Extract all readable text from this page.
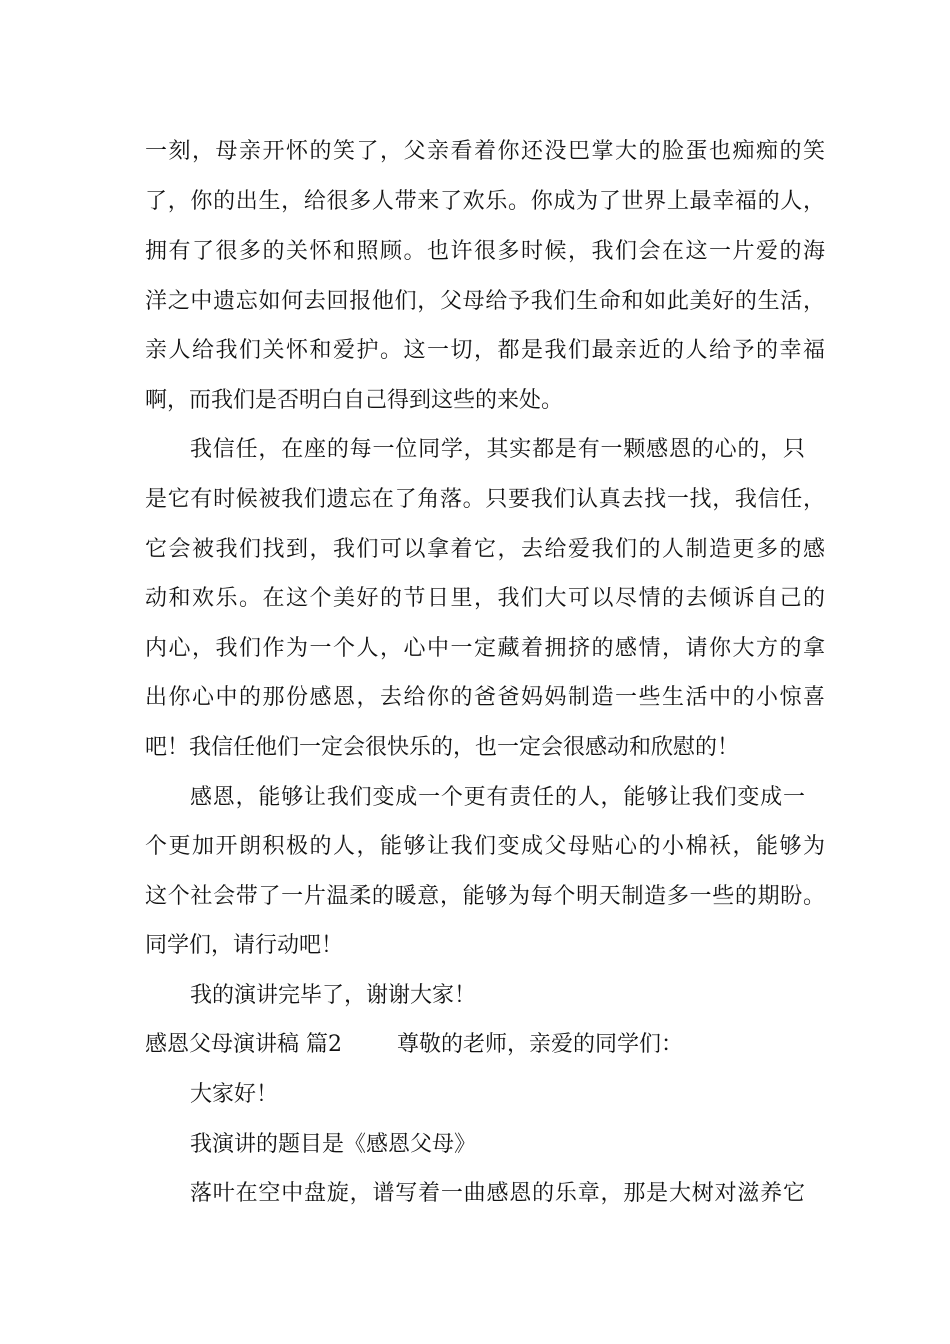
一刻，母亲开怀的笑了，父亲看着你还没巴掌大的脸蛋也痴痴的笑
了，你的出生，给很多人带来了欢乐。你成为了世界上最幸福的人，
拥有了很多的关怀和照顾。也许很多时候，我们会在这一片爱的海
洋之中遗忘如何去回报他们，父母给予我们生命和如此美好的生活，
亲人给我们关怀和爱护。这一切，都是我们最亲近的人给予的幸福
啊，而我们是否明白自己得到这些的来处。
我信任，在座的每一位同学，其实都是有一颗感恩的心的，只
是它有时候被我们遗忘在了角落。只要我们认真去找一找，我信任，
它会被我们找到，我们可以拿着它，去给爱我们的人制造更多的感
动和欢乐。在这个美好的节日里，我们大可以尽情的去倾诉自己的
内心，我们作为一个人，心中一定藏着拥挤的感情，请你大方的拿
出你心中的那份感恩，去给你的爸爸妈妈制造一些生活中的小惊喜
吧！我信任他们一定会很快乐的，也一定会很感动和欣慰的！
感恩，能够让我们变成一个更有责任的人，能够让我们变成一
个更加开朗积极的人，能够让我们变成父母贴心的小棉袄，能够为
这个社会带了一片温柔的暖意，能够为每个明天制造多一些的期盼。
同学们，请行动吧！
我的演讲完毕了，谢谢大家！
感恩父母演讲稿 篇2	尊敬的老师，亲爱的同学们：
大家好！
我演讲的题目是《感恩父母》
落叶在空中盘旋，谱写着一曲感恩的乐章，那是大树对滋养它
